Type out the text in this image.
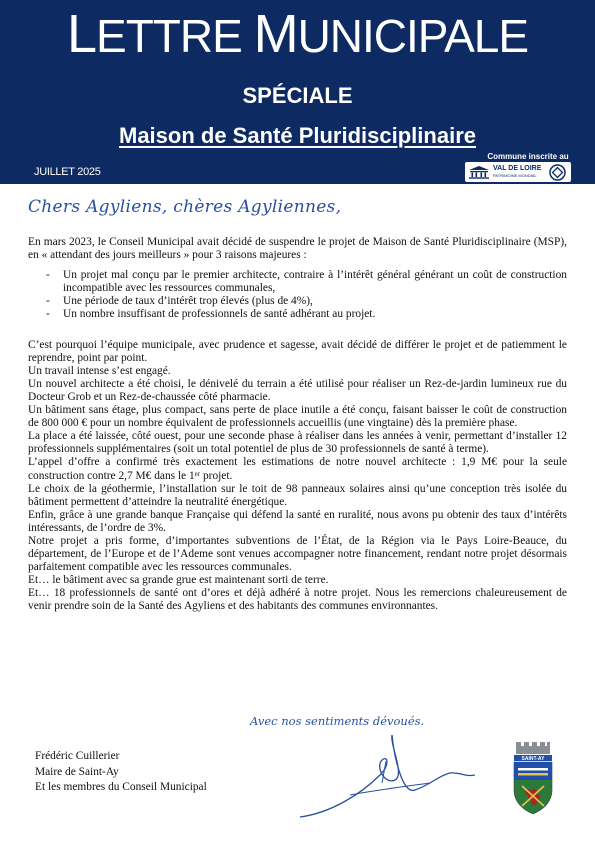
LETTRE MUNICIPALE
SPÉCIALE
Maison de Santé Pluridisciplinaire
JUILLET 2025
Commune inscrite au
VAL DE LOIRE
PATRIMOINE MONDIAL
Chers Agyliens, chères Agyliennes,

En mars 2023, le Conseil Municipal avait décidé de suspendre le projet de Maison de Santé Pluridisciplinaire (MSP), en « attendant des jours meilleurs » pour 3 raisons majeures :

- Un projet mal conçu par le premier architecte, contraire à l’intérêt général générant un coût de construction incompatible avec les ressources communales,
- Une période de taux d’intérêt trop élevés (plus de 4%),
- Un nombre insuffisant de professionnels de santé adhérant au projet.

C’est pourquoi l’équipe municipale, avec prudence et sagesse, avait décidé de différer le projet et de patiemment le reprendre, point par point.

Un travail intense s’est engagé.

Un nouvel architecte a été choisi, le dénivelé du terrain a été utilisé pour réaliser un Rez-de-jardin lumineux rue du Docteur Grob et un Rez-de-chaussée côté pharmacie.

Un bâtiment sans étage, plus compact, sans perte de place inutile a été conçu, faisant baisser le coût de construction de 800 000 € pour un nombre équivalent de professionnels accueillis (une vingtaine) dès la première phase.

La place a été laissée, côté ouest, pour une seconde phase à réaliser dans les années à venir, permettant d’installer 12 professionnels supplémentaires (soit un total potentiel de plus de 30 professionnels de santé à terme).

L’appel d’offre a confirmé très exactement les estimations de notre nouvel architecte : 1,9 M€ pour la seule construction contre 2,7 M€ dans le 1ᵉʳ projet.

Le choix de la géothermie, l’installation sur le toit de 98 panneaux solaires ainsi qu’une conception très isolée du bâtiment permettent d’atteindre la neutralité énergétique.

Enfin, grâce à une grande banque Française qui défend la santé en ruralité, nous avons pu obtenir des taux d’intérêts intéressants, de l’ordre de 3%.

Notre projet a pris forme, d’importantes subventions de l’État, de la Région via le Pays Loire-Beauce, du département, de l’Europe et de l’Ademe sont venues accompagner notre financement, rendant notre projet désormais parfaitement compatible avec les ressources communales.

Et… le bâtiment avec sa grande grue est maintenant sorti de terre.

Et… 18 professionnels de santé ont d’ores et déjà adhéré à notre projet. Nous les remercions chaleureusement de venir prendre soin de la Santé des Agyliens et des habitants des communes environnantes.

Avec nos sentiments dévoués.
Frédéric Cuillerier
Maire de Saint-Ay
Et les membres du Conseil Municipal
SAINT-AY
